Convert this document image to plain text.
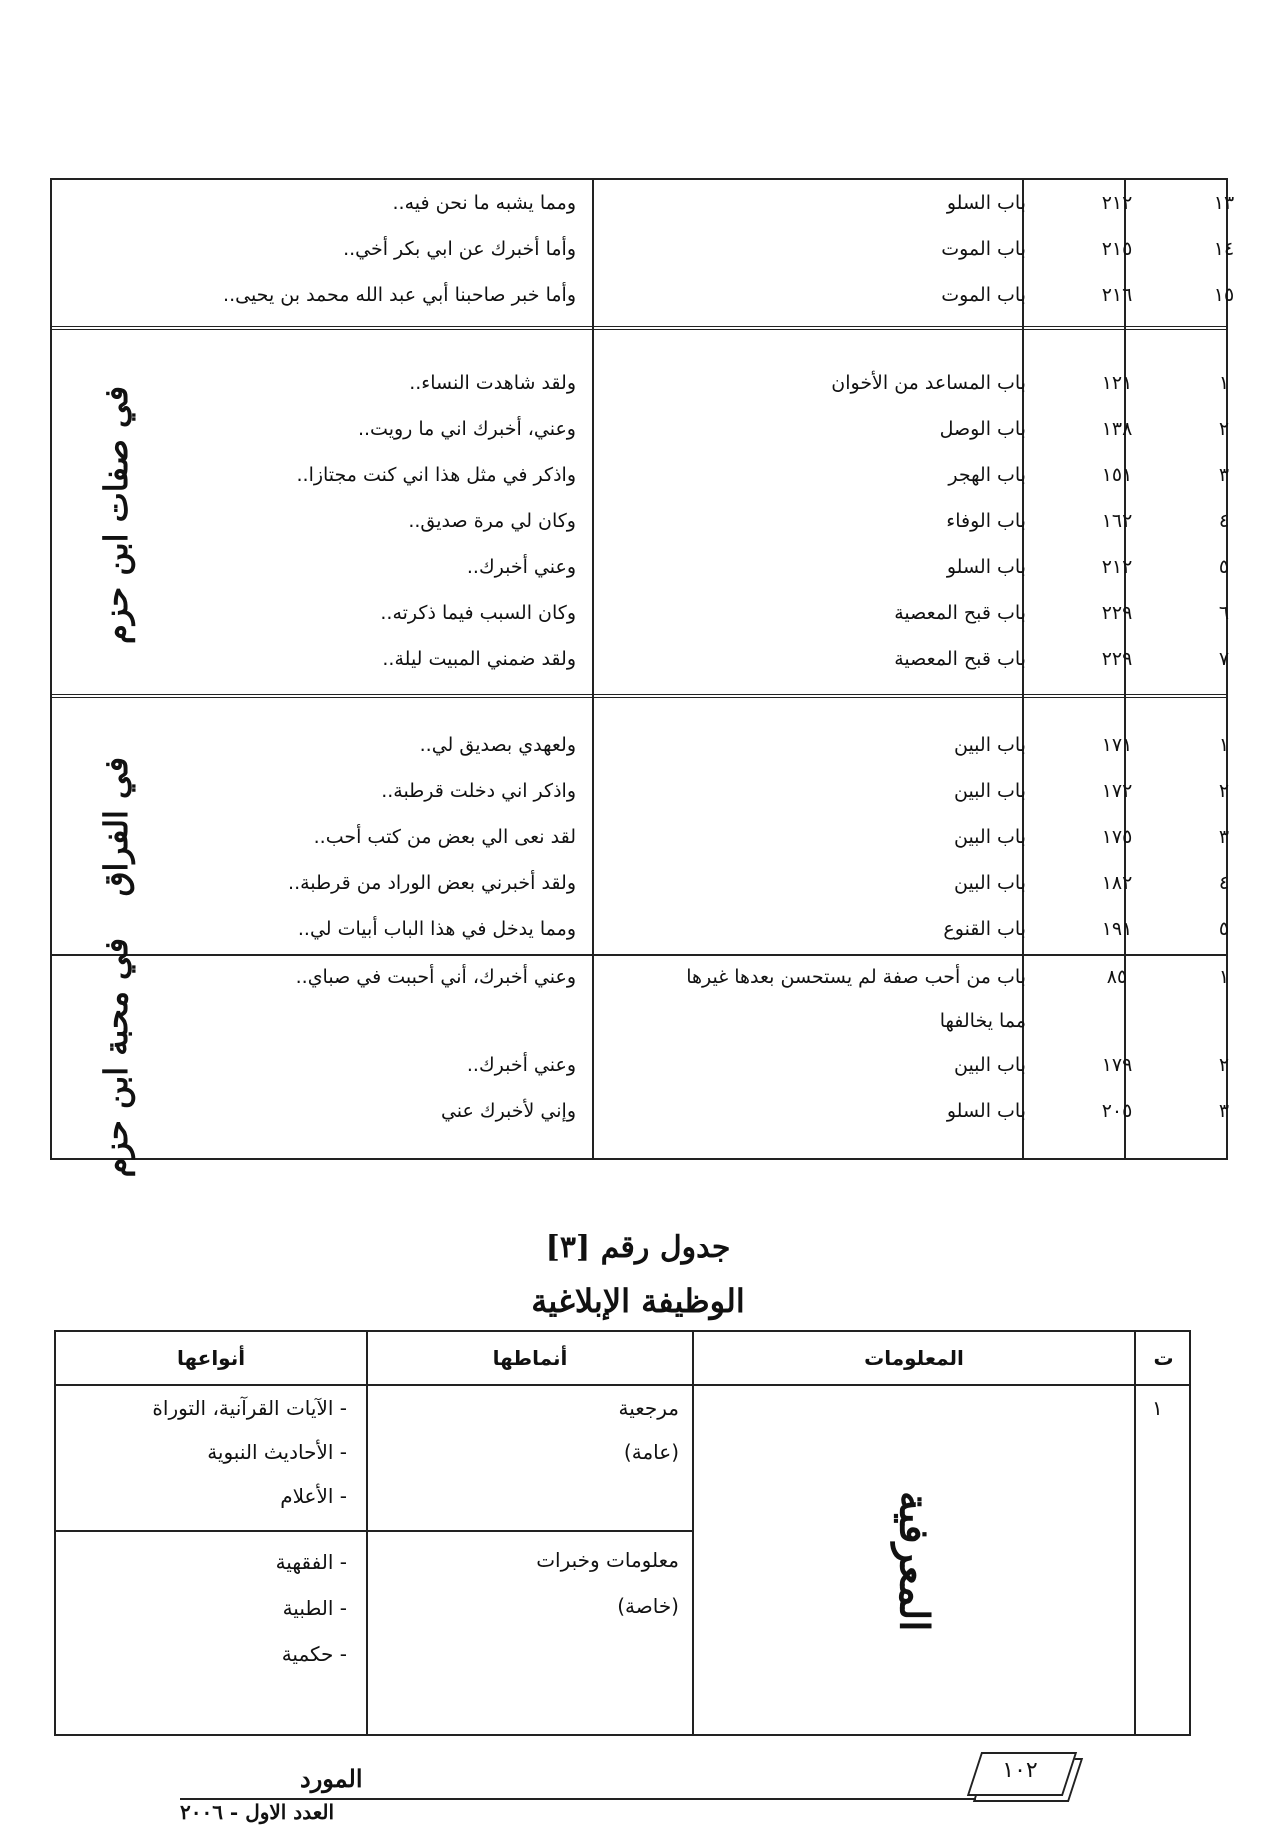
١٣
٢١٢
باب السلو
ومما يشبه ما نحن فيه..
١٤
٢١٥
باب الموت
وأما أخبرك عن ابي بكر أخي..
١٥
٢١٦
باب الموت
وأما خبر صاحبنا أبي عبد الله محمد بن يحيى..
في صفات ابن حزم
١
١٢١
باب المساعد من الأخوان
ولقد شاهدت النساء..
٢
١٣٨
باب الوصل
وعني، أخبرك اني ما رويت..
٣
١٥١
باب الهجر
واذكر في مثل هذا اني كنت مجتازا..
٤
١٦٢
باب الوفاء
وكان لي مرة صديق..
٥
٢١٢
باب السلو
وعني أخبرك..
٦
٢٢٩
باب قبح المعصية
وكان السبب فيما ذكرته..
٧
٢٢٩
باب قبح المعصية
ولقد ضمني المبيت ليلة..
في الفراق
١
١٧١
باب البين
ولعهدي بصديق لي..
٢
١٧٢
باب البين
واذكر اني دخلت قرطبة..
٣
١٧٥
باب البين
لقد نعى الي بعض من كتب أحب..
٤
١٨٢
باب البين
ولقد أخبرني بعض الوراد من قرطبة..
٥
١٩١
باب القنوع
ومما يدخل في هذا الباب أبيات لي..
في محبة ابن حزم	١
٨٥
باب من أحب صفة لم يستحسن بعدها غيرها
وعني أخبرك، أني أحببت في صباي..
مما يخالفها
٢
١٧٩
باب البين
وعني أخبرك..
٣
٢٠٥
باب السلو
وإني لأخبرك عني
جدول رقم [٣]
الوظيفة الإبلاغية
ت
المعلومات
أنماطها
أنواعها
١
المعرفية
مرجعية
(عامة)
- الآيات القرآنية، التوراة
- الأحاديث النبوية
- الأعلام
معلومات وخبرات
(خاصة)
- الفقهية
- الطبية
- حكمية
١٠٢
المورد
العدد الاول - ٢٠٠٦
